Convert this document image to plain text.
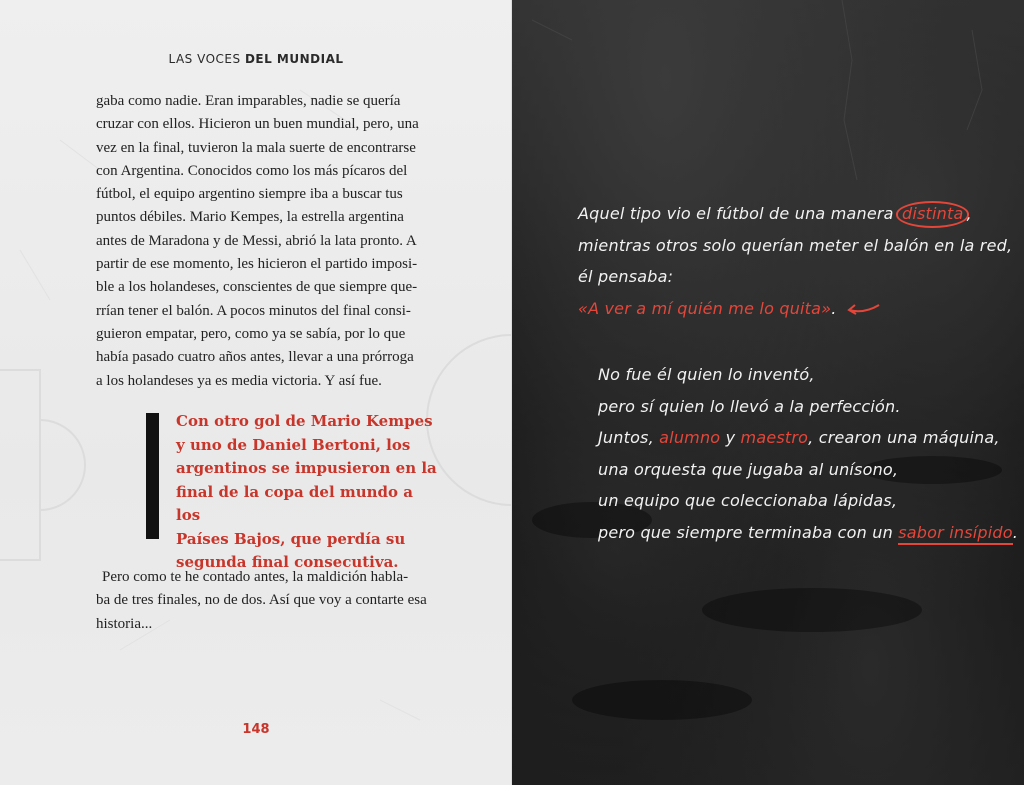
LAS VOCES DEL MUNDIAL

gaba como nadie. Eran imparables, nadie se quería

cruzar con ellos. Hicieron un buen mundial, pero, una

vez en la final, tuvieron la mala suerte de encontrarse

con Argentina. Conocidos como los más pícaros del

fútbol, el equipo argentino siempre iba a buscar tus

puntos débiles. Mario Kempes, la estrella argentina

antes de Maradona y de Messi, abrió la lata pronto. A

partir de ese momento, les hicieron el partido imposi-

ble a los holandeses, conscientes de que siempre que-

rrían tener el balón. A pocos minutos del final consi-

guieron empatar, pero, como ya se sabía, por lo que

había pasado cuatro años antes, llevar a una prórroga

a los holandeses ya es media victoria. Y así fue.

Con otro gol de Mario Kempes
y uno de Daniel Bertoni, los
argentinos se impusieron en la
final de la copa del mundo a los
Países Bajos, que perdía su
segunda final consecutiva.
Pero como te he contado antes, la maldición habla-
ba de tres finales, no de dos. Así que voy a contarte esa
historia...
148
Aquel tipo vio el fútbol de una manera distinta ,
mientras otros solo querían meter el balón en la red,
él pensaba:
«A ver a mí quién me lo quita».
No fue él quien lo inventó,
pero sí quien lo llevó a la perfección.
Juntos, alumno y maestro, crearon una máquina,
una orquesta que jugaba al unísono,
un equipo que coleccionaba lápidas,
pero que siempre terminaba con un sabor insípido.
